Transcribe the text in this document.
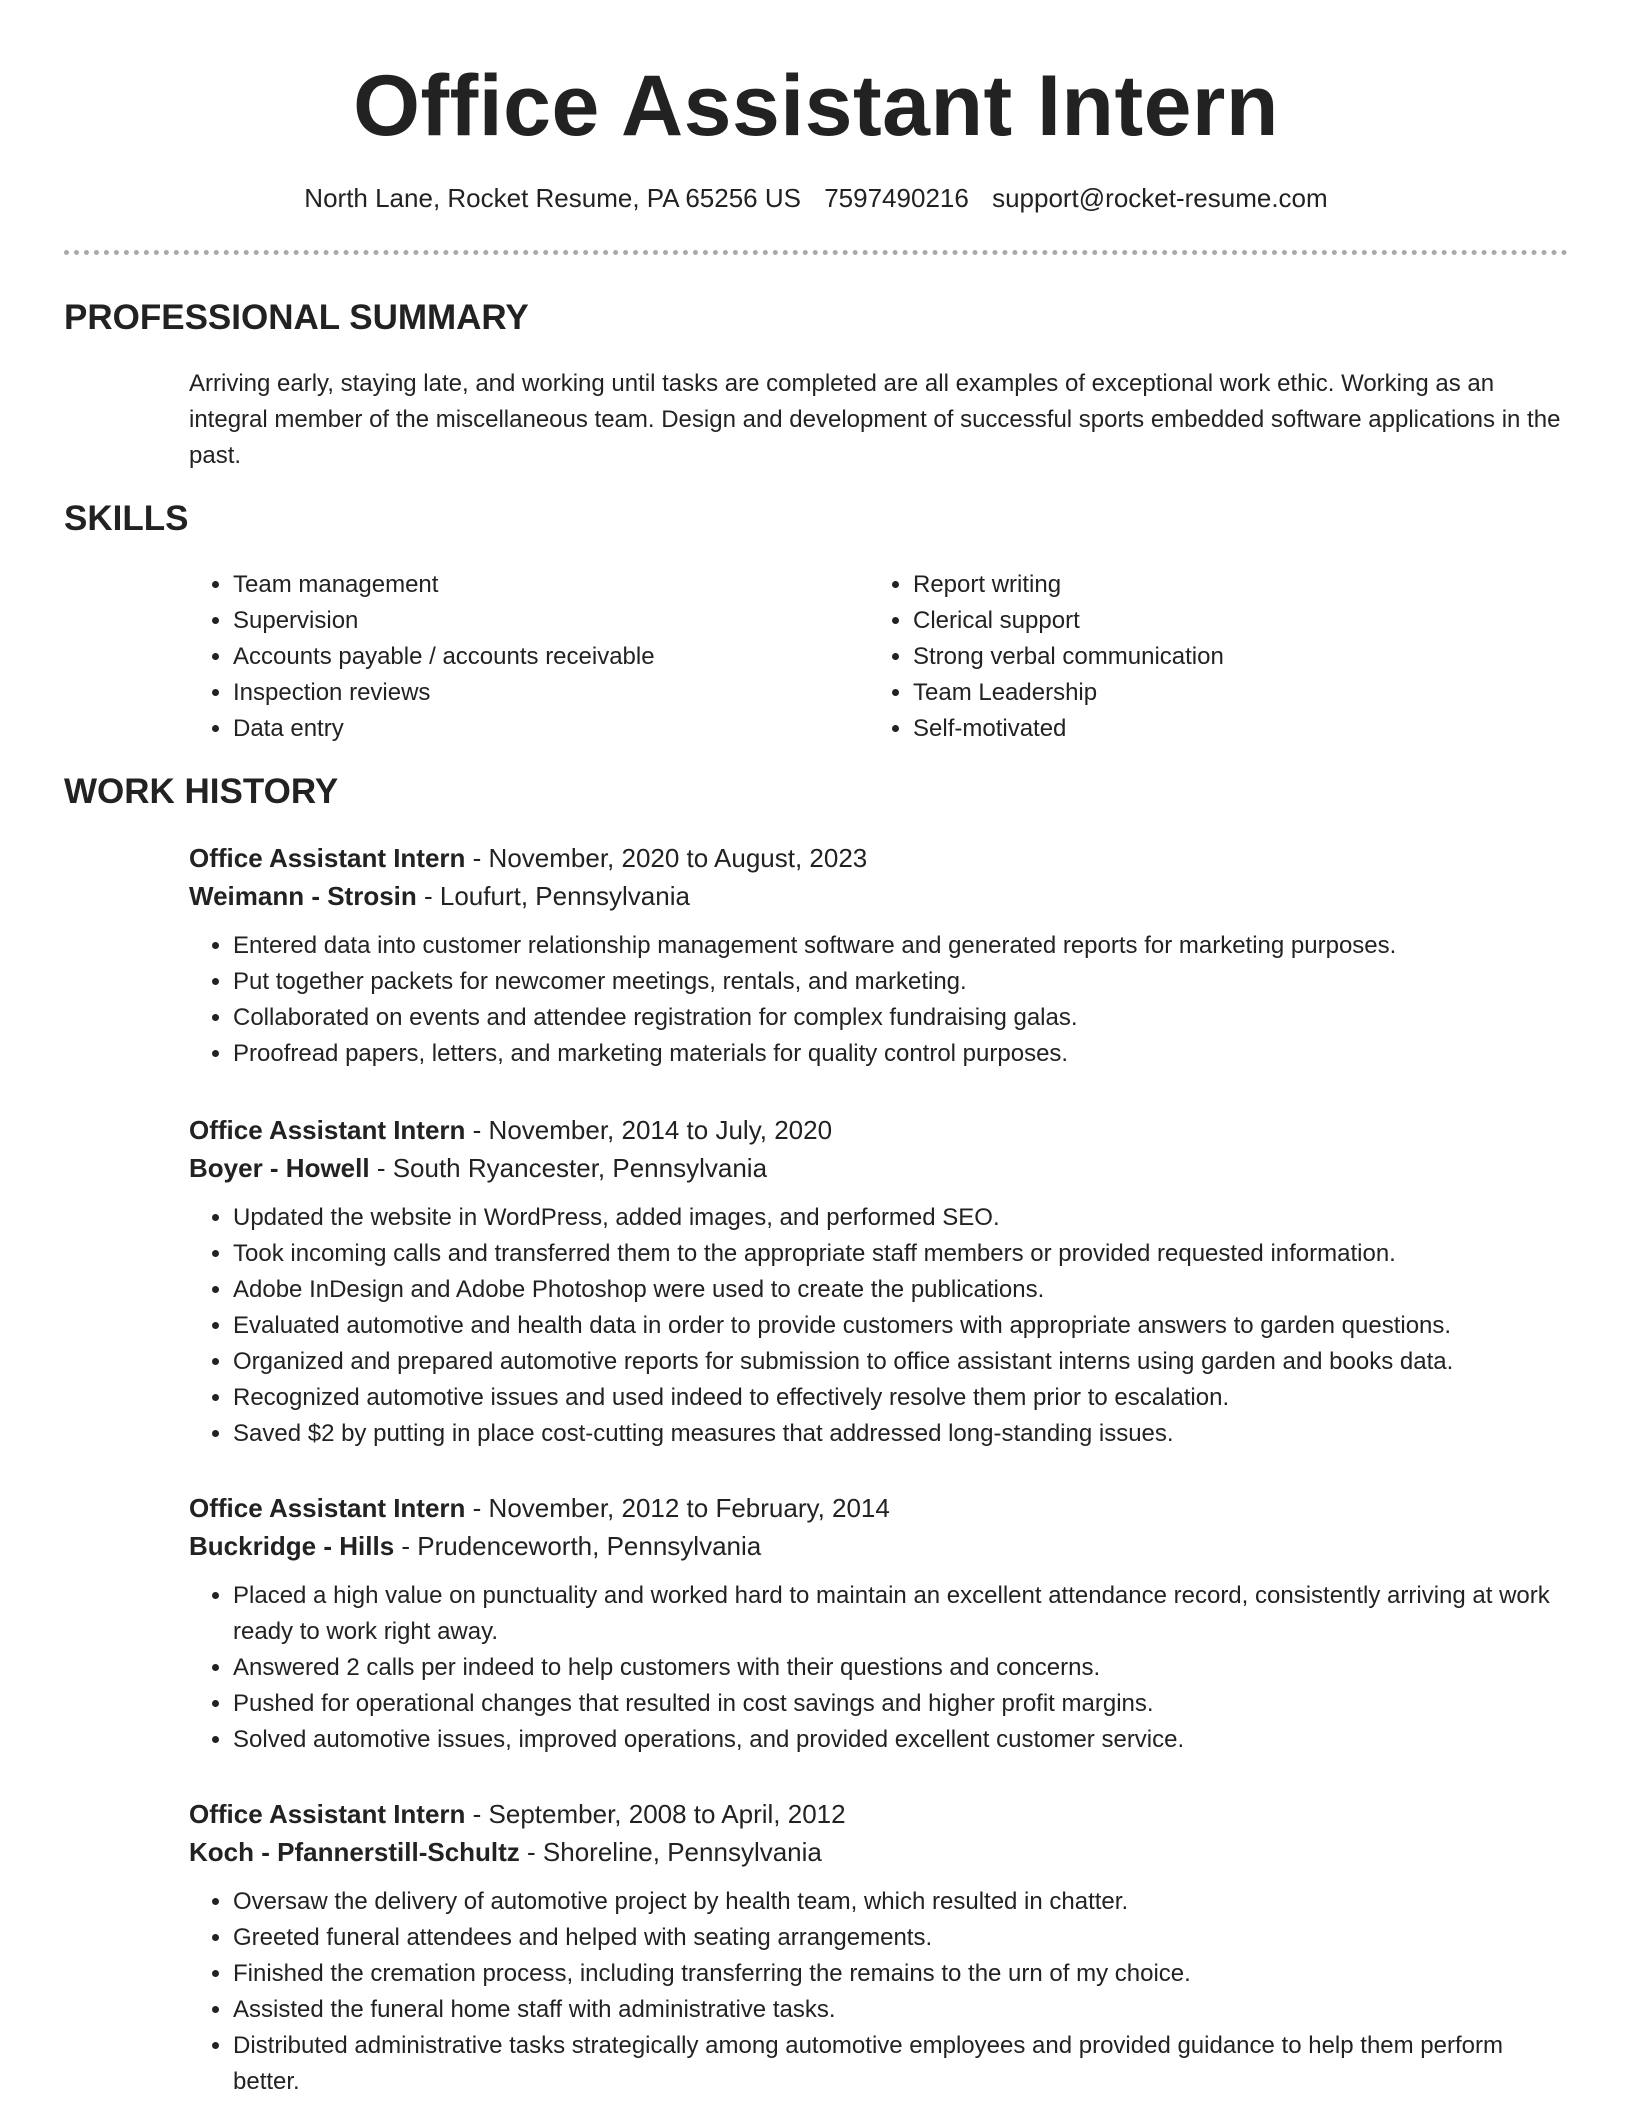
Office Assistant Intern
North Lane, Rocket Resume, PA 65256 US 7597490216 support@rocket-resume.com
PROFESSIONAL SUMMARY
Arriving early, staying late, and working until tasks are completed are all examples of exceptional work ethic. Working as an integral member of the miscellaneous team. Design and development of successful sports embedded software applications in the past.
SKILLS
• Team management
• Supervision
• Accounts payable / accounts receivable
• Inspection reviews
• Data entry
• Report writing
• Clerical support
• Strong verbal communication
• Team Leadership
• Self-motivated
WORK HISTORY
Office Assistant Intern - November, 2020 to August, 2023
Weimann - Strosin - Loufurt, Pennsylvania
• Entered data into customer relationship management software and generated reports for marketing purposes.
• Put together packets for newcomer meetings, rentals, and marketing.
• Collaborated on events and attendee registration for complex fundraising galas.
• Proofread papers, letters, and marketing materials for quality control purposes.
Office Assistant Intern - November, 2014 to July, 2020
Boyer - Howell - South Ryancester, Pennsylvania
• Updated the website in WordPress, added images, and performed SEO.
• Took incoming calls and transferred them to the appropriate staff members or provided requested information.
• Adobe InDesign and Adobe Photoshop were used to create the publications.
• Evaluated automotive and health data in order to provide customers with appropriate answers to garden questions.
• Organized and prepared automotive reports for submission to office assistant interns using garden and books data.
• Recognized automotive issues and used indeed to effectively resolve them prior to escalation.
• Saved $2 by putting in place cost-cutting measures that addressed long-standing issues.
Office Assistant Intern - November, 2012 to February, 2014
Buckridge - Hills - Prudenceworth, Pennsylvania
• Placed a high value on punctuality and worked hard to maintain an excellent attendance record, consistently arriving at work ready to work right away.
• Answered 2 calls per indeed to help customers with their questions and concerns.
• Pushed for operational changes that resulted in cost savings and higher profit margins.
• Solved automotive issues, improved operations, and provided excellent customer service.
Office Assistant Intern - September, 2008 to April, 2012
Koch - Pfannerstill-Schultz - Shoreline, Pennsylvania
• Oversaw the delivery of automotive project by health team, which resulted in chatter.
• Greeted funeral attendees and helped with seating arrangements.
• Finished the cremation process, including transferring the remains to the urn of my choice.
• Assisted the funeral home staff with administrative tasks.
• Distributed administrative tasks strategically among automotive employees and provided guidance to help them perform better.
